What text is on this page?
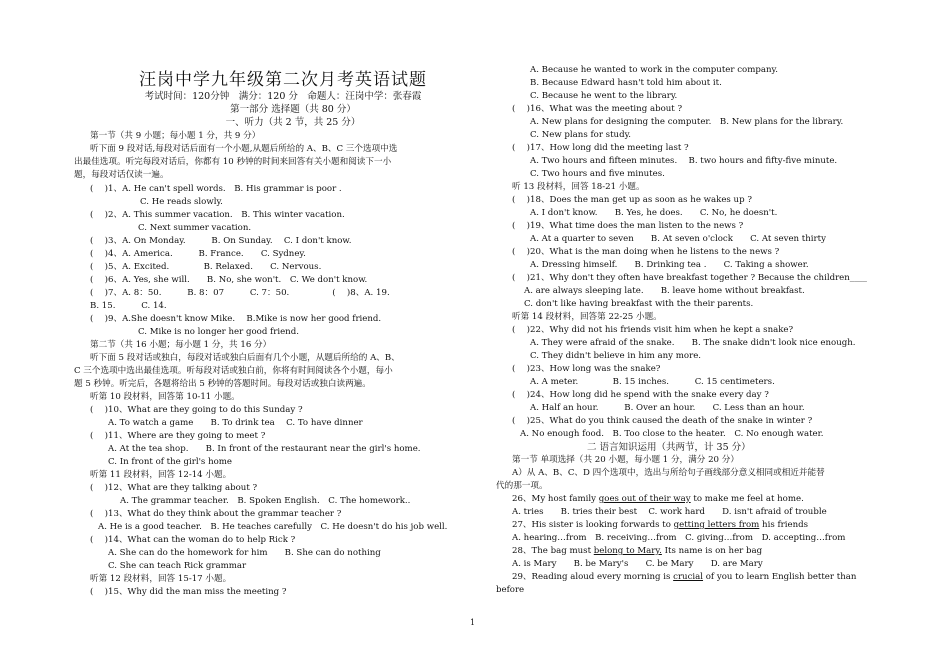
汪岗中学九年级第二次月考英语试题
考试时间：120分钟　满分：120 分　命题人：汪岗中学：张春霞
第一部分 选择题（共 80 分）
一、听力（共 2 节，共 25 分）
第一节（共 9 小题；每小题 1 分，共 9 分）
听下面 9 段对话,每段对话后面有一个小题,从题后所给的 A、B、C 三个选项中选
出最佳选项。听完每段对话后，你都有 10 秒钟的时间来回答有关小题和阅读下一小
题，每段对话仅读一遍。
(　 )1、A. He can't spell words.　B. His grammar is poor .
C. He reads slowly.
(　 )2、A. This summer vacation.　B. This winter vacation.
C. Next summer vacation.
(　 )3、A. On Monday.　　　B. On Sunday.　 C. I don't know.
(　 )4、A. America.　　　B. France.　　C. Sydney.
(　 )5、A. Excited.　　　　B. Relaxed.　　C. Nervous.
(　 )6、A. Yes, she will.　　B. No, she won't.　C. We don't know.
(　 )7、A. 8：50.　　　B. 8：07　　　C. 7：50.　　　　　(　 )8、A. 19.
B. 15.　　　C. 14.
(　 )9、A.She doesn't know Mike.　 B.Mike is now her good friend.
C. Mike is no longer her good friend.
第二节（共 16 小题；每小题 1 分，共 16 分）
听下面 5 段对话或独白，每段对话或独白后面有几个小题，从题后所给的 A、B、
C 三个选项中选出最佳选项。听每段对话或独白前，你将有时间阅读各个小题，每小
题 5 秒钟。听完后，各题将给出 5 秒钟的答题时间。每段对话或独白读两遍。
听第 10 段材料，回答第 10-11 小题。
(　 )10、What are they going to do this Sunday ?
A. To watch a game　　B. To drink tea　 C. To have dinner
(　 )11、Where are they going to meet ?
A. At the tea shop.　　B. In front of the restaurant near the girl's home.
C. In front of the girl's home
听第 11 段材料，回答 12-14 小题。
(　 )12、What are they talking about ?
A. The grammar teacher.　B. Spoken English.　C. The homework..
(　 )13、What do they think about the grammar teacher ?
A. He is a good teacher.　B. He teaches carefully　C. He doesn't do his job well.
(　 )14、What can the woman do to help Rick ?
A. She can do the homework for him　　B. She can do nothing
C. She can teach Rick grammar
听第 12 段材料，回答 15-17 小题。
(　 )15、Why did the man miss the meeting ?
A. Because he wanted to work in the computer company.
B. Because Edward hasn't told him about it.
C. Because he went to the library.
(　 )16、What was the meeting about ?
A. New plans for designing the computer.　B. New plans for the library.
C. New plans for study.
(　 )17、How long did the meeting last ?
A. Two hours and fifteen minutes.　 B. two hours and fifty-five minute.
C. Two hours and five minutes.
听 13 段材料，回答 18-21 小题。
(　 )18、Does the man get up as soon as he wakes up ?
A. I don't know.　　B. Yes, he does.　　C. No, he doesn't.
(　 )19、What time does the man listen to the news ?
A. At a quarter to seven　　B. At seven o'clock　　C. At seven thirty
(　 )20、What is the man doing when he listens to the news ?
A. Dressing himself.　　B. Drinking tea .　　C. Taking a shower.
(　 )21、Why don't they often have breakfast together ? Because the children____
A. are always sleeping late.　　B. leave home without breakfast.
C. don't like having breakfast with the their parents.
听第 14 段材料，回答第 22-25 小题。
(　 )22、Why did not his friends visit him when he kept a snake?
A. They were afraid of the snake.　　B. The snake didn't look nice enough.
C. They didn't believe in him any more.
(　 )23、How long was the snake?
A. A meter.　　　　B. 15 inches.　　　C. 15 centimeters.
(　 )24、How long did he spend with the snake every day ?
A. Half an hour.　　　B. Over an hour.　　C. Less than an hour.
(　 )25、What do you think caused the death of the snake in winter ?
A. No enough food.　B. Too close to the heater.　C. No enough water.
二 语言知识运用（共两节，计 35 分）
第一节 单项选择（共 20 小题，每小题 1 分，满分 20 分）
A）从 A、B、C、D 四个选项中，选出与所给句子画线部分意义相同或相近并能替
代的那一项。
26、My host family goes out of their way to make me feel at home.
A. tries　　B. tries their best　 C. work hard　　D. isn't afraid of trouble
27、His sister is looking forwards to getting letters from his friends
A. hearing…from　B. receiving…from　C. giving…from　D. accepting…from
28、The bag must belong to Mary. Its name is on her bag
A. is Mary　　B. be Mary's　　C. be Mary　　D. are Mary
29、Reading aloud every morning is crucial of you to learn English better than
before
1
